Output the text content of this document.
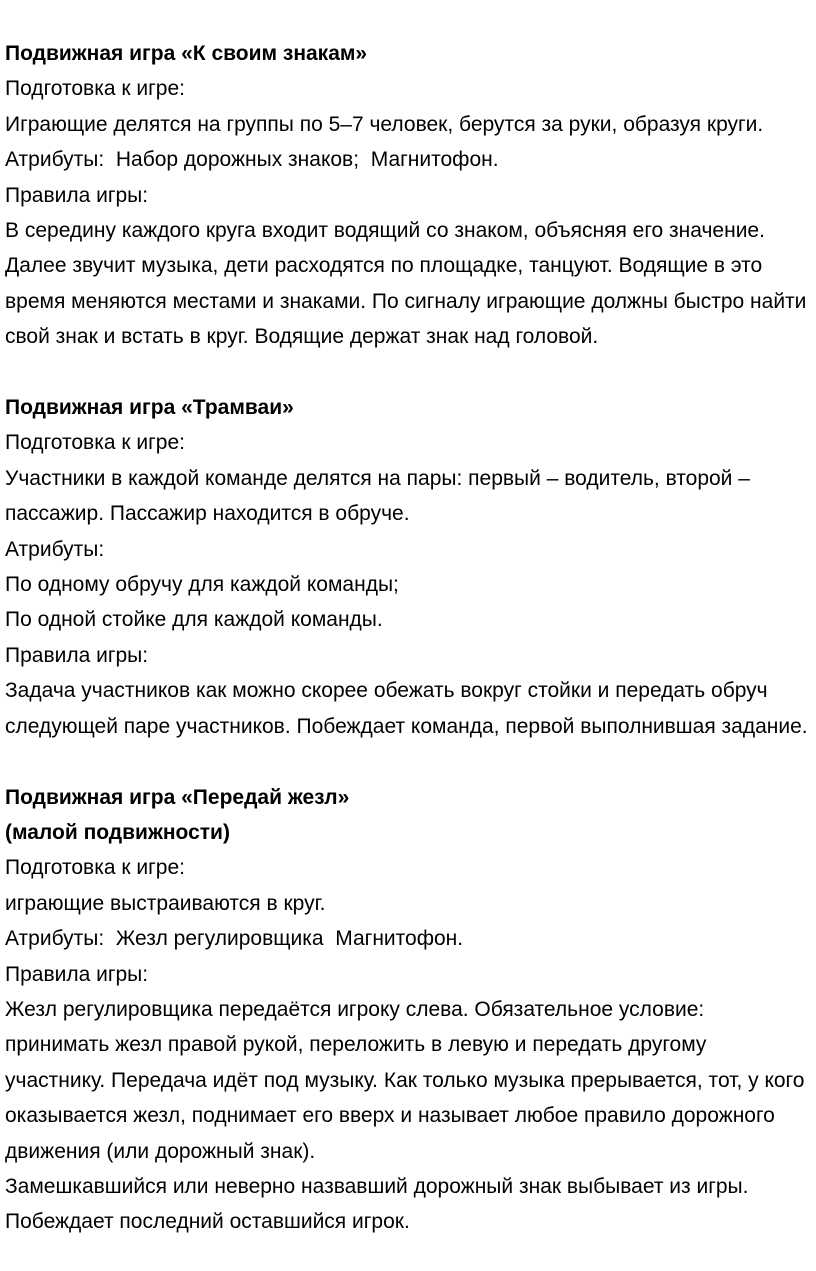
Подвижная игра «К своим знакам»

Подготовка к игре:

Играющие делятся на группы по 5–7 человек, берутся за руки, образуя круги.

Атрибуты:  Набор дорожных знаков;  Магнитофон.

Правила игры:

В середину каждого круга входит водящий со знаком, объясняя его значение.

Далее звучит музыка, дети расходятся по площадке, танцуют. Водящие в это время меняются местами и знаками. По сигналу играющие должны быстро найти свой знак и встать в круг. Водящие держат знак над головой.

Подвижная игра «Трамваи»

Подготовка к игре:

Участники в каждой команде делятся на пары: первый – водитель, второй – пассажир. Пассажир находится в обруче.

Атрибуты:

По одному обручу для каждой команды;

По одной стойке для каждой команды.

Правила игры:

Задача участников как можно скорее обежать вокруг стойки и передать обруч следующей паре участников. Побеждает команда, первой выполнившая задание.

Подвижная игра «Передай жезл»

(малой подвижности)

Подготовка к игре:

играющие выстраиваются в круг.

Атрибуты:  Жезл регулировщика  Магнитофон.

Правила игры:

Жезл регулировщика передаётся игроку слева. Обязательное условие: принимать жезл правой рукой, переложить в левую и передать другому участнику. Передача идёт под музыку. Как только музыка прерывается, тот, у кого оказывается жезл, поднимает его вверх и называет любое правило дорожного движения (или дорожный знак).

Замешкавшийся или неверно назвавший дорожный знак выбывает из игры.

Побеждает последний оставшийся игрок.
